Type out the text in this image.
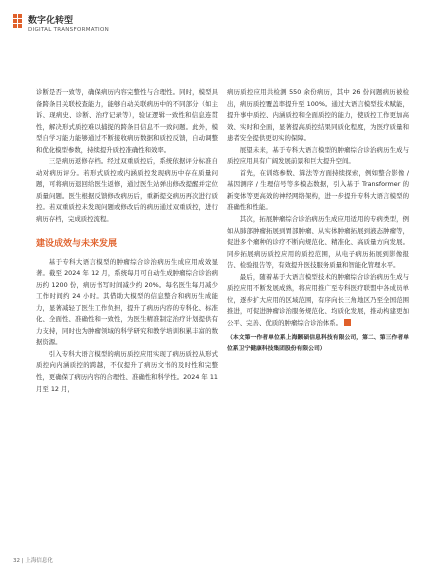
数字化转型
DIGITAL TRANSFORMATION

诊断是否一致等，确保病历内容完整性与合理性。同时，模型具备跨条目关联校查能力，能够自动关联病历中的不同部分（如主诉、现病史、诊断、治疗记录等），验证逻辑一致性和信息连贯性，解决形式质控难以捕捉的跨条目信息不一致问题。此外，模型自学习能力能够通过不断接收病历数据和质控反馈，自动调整和优化模型参数，持续提升质控准确性和效率。

三是病历返修存档。经过双重质控后，系统依据评分标准自动对病历评分。若形式质控或内涵质控发现病历中存在质量问题，可将病历退回给医生返修，通过医生站弹出修改提醒并定位质量问题。医生根据反馈修改病历后，重新提交病历再次进行质控。若双重质控未发现问题或修改后的病历通过双重质控，进行病历存档，完成质控流程。

建设成效与未来发展

基于专科大语言模型的肿瘤综合诊治病历生成应用成效显著。截至 2024 年 12 月，系统每月可自动生成肿瘤综合诊治病历约 1200 份，病历书写时间减少约 20%。每名医生每月减少工作时间约 24 小时。其借助大模型的信息整合和病历生成能力，显著减轻了医生工作负担，提升了病历内容的专科化、标准化、全面性、准确性和一致性，为医生精准制定治疗计划提供有力支持，同时也为肿瘤领域的科学研究和教学培训积累丰富的数据资源。

引入专科大语言模型的病历质控应用实现了病历质控从形式质控向内涵质控的跨越，不仅提升了病历文书的及时性和完整性，更确保了病历内容的合理性、准确性和科学性。2024 年 11 月至 12 月，

病历质控应用共检测 550 余份病历，其中 26 份问题病历被检出，病历质控覆盖率提升至 100%。通过大语言模型技术赋能，提升事中质控、内涵质控和全面质控的能力，使质控工作更加高效、实时和全面，显著提高质控结果同质化程度，为医疗质量和患者安全提供更切实的保障。

展望未来，基于专科大语言模型的肿瘤综合诊治病历生成与质控应用具有广阔发展前景和巨大提升空间。

首先，在训练参数、算法等方面持续探索，例如整合影像 / 基因测序 / 生理信号等多模态数据，引入基于 Transformer 的新变体等更高效的神经网络架构，进一步提升专科大语言模型的准确性和性能。

其次，拓展肿瘤综合诊治病历生成应用适用的专病类型，例如从肺部肿瘤拓展到胃部肿瘤、从实体肿瘤拓展到液态肿瘤等，促进多个瘤种的诊疗不断向规范化、精准化、高质量方向发展。同步拓展病历质控应用的质控范围，从电子病历拓展到影像报告、检验报告等，有效提升医技服务质量和智能化管理水平。

最后，随着基于大语言模型技术的肿瘤综合诊治病历生成与质控应用不断发展成熟，将应用推广至专科医疗联盟中各成员单位，逐步扩大应用的区域范围，有序向长三角地区乃至全国范围推进，可促进肿瘤诊治服务规范化、均质化发展，推动构建更加公平、完善、优质的肿瘤综合诊治体系。

（本文第一作者单位系上海颢硕信息科技有限公司，第二、第三作者单位系卫宁健康科技集团股份有限公司）

32 | 上海信息化
